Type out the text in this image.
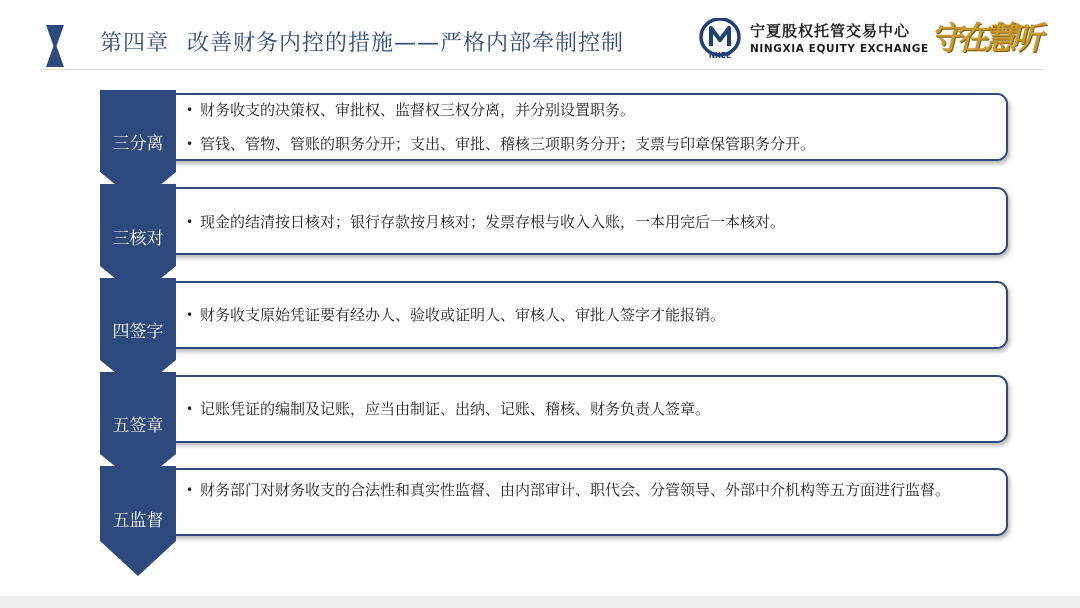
第四章 改善财务内控的措施——严格内部牵制控制	NXEE
宁夏股权托管交易中心
NINGXIA EQUITY EXCHANGE 守在慧听
三分离
• 财务收支的决策权、审批权、监督权三权分离，并分别设置职务。
• 管钱、管物、管账的职务分开；支出、审批、稽核三项职务分开；支票与印章保管职务分开。
三核对
• 现金的结清按日核对；银行存款按月核对；发票存根与收入入账，一本用完后一本核对。
四签字
• 财务收支原始凭证要有经办人、验收或证明人、审核人、审批人签字才能报销。
五签章
• 记账凭证的编制及记账，应当由制证、出纳、记账、稽核、财务负责人签章。
五监督
• 财务部门对财务收支的合法性和真实性监督、由内部审计、职代会、分管领导、外部中介机构等五方面进行监督。
